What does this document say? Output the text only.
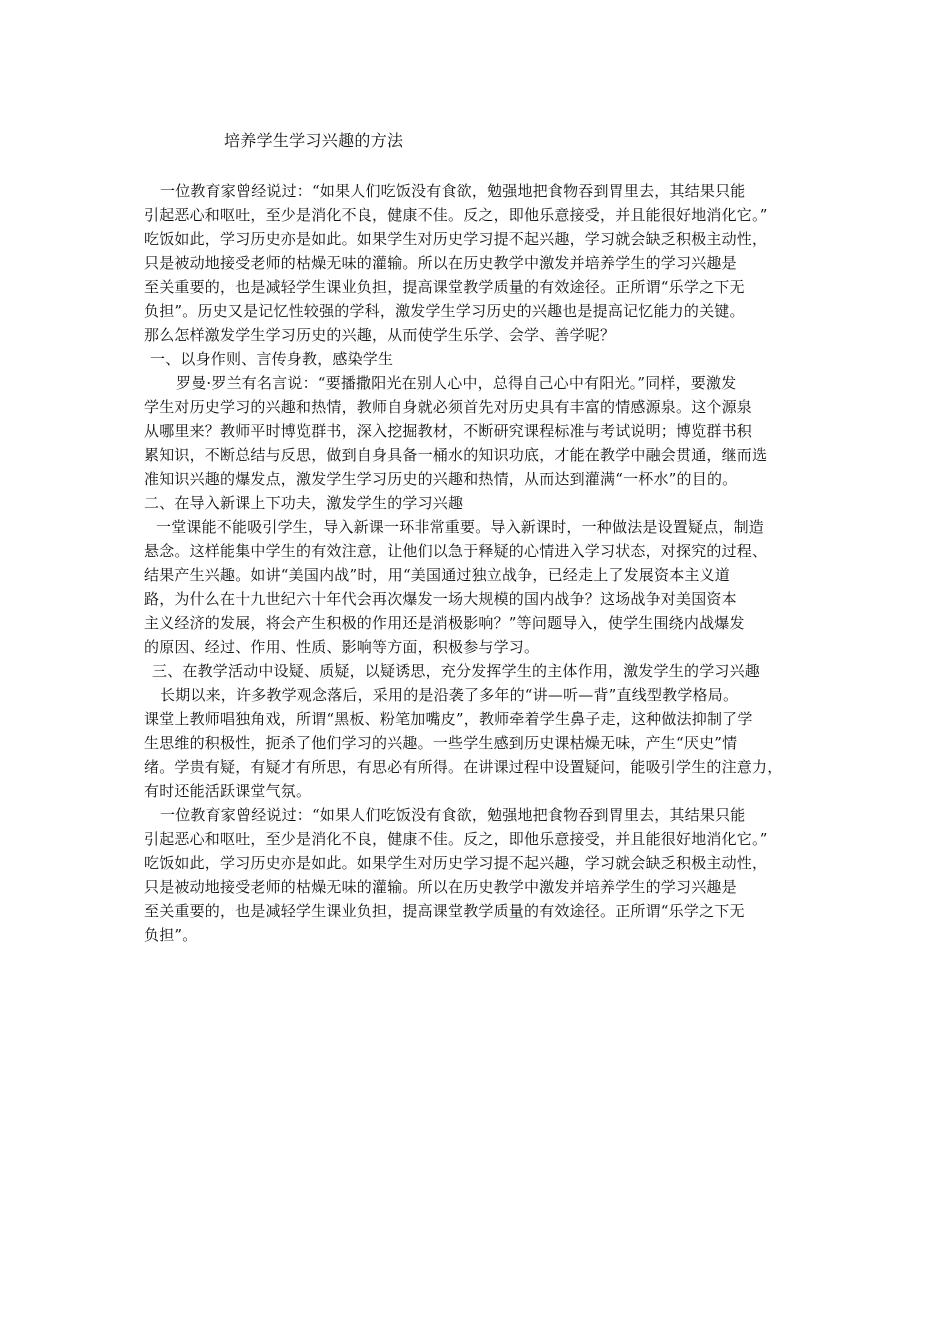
培养学生学习兴趣的方法
一位教育家曾经说过：“如果人们吃饭没有食欲，勉强地把食物吞到胃里去，其结果只能
引起恶心和呕吐，至少是消化不良，健康不佳。反之，即他乐意接受，并且能很好地消化它。”
吃饭如此，学习历史亦是如此。如果学生对历史学习提不起兴趣，学习就会缺乏积极主动性，
只是被动地接受老师的枯燥无味的灌输。所以在历史教学中激发并培养学生的学习兴趣是
至关重要的，也是减轻学生课业负担，提高课堂教学质量的有效途径。正所谓“乐学之下无
负担”。历史又是记忆性较强的学科，激发学生学习历史的兴趣也是提高记忆能力的关键。
那么怎样激发学生学习历史的兴趣，从而使学生乐学、会学、善学呢？
一、以身作则、言传身教，感染学生
罗曼·罗兰有名言说：“要播撒阳光在别人心中，总得自己心中有阳光。”同样，要激发
学生对历史学习的兴趣和热情，教师自身就必须首先对历史具有丰富的情感源泉。这个源泉
从哪里来？教师平时博览群书，深入挖掘教材，不断研究课程标准与考试说明；博览群书积
累知识，不断总结与反思，做到自身具备一桶水的知识功底，才能在教学中融会贯通，继而选
准知识兴趣的爆发点，激发学生学习历史的兴趣和热情，从而达到灌满“一杯水”的目的。
二、在导入新课上下功夫，激发学生的学习兴趣
一堂课能不能吸引学生，导入新课一环非常重要。导入新课时，一种做法是设置疑点，制造
悬念。这样能集中学生的有效注意，让他们以急于释疑的心情进入学习状态，对探究的过程、
结果产生兴趣。如讲“美国内战”时，用“美国通过独立战争，已经走上了发展资本主义道
路，为什么在十九世纪六十年代会再次爆发一场大规模的国内战争？这场战争对美国资本
主义经济的发展，将会产生积极的作用还是消极影响？”等问题导入，使学生围绕内战爆发
的原因、经过、作用、性质、影响等方面，积极参与学习。
三、在教学活动中设疑、质疑，以疑诱思，充分发挥学生的主体作用，激发学生的学习兴趣
长期以来，许多教学观念落后，采用的是沿袭了多年的“讲—听—背”直线型教学格局。
课堂上教师唱独角戏，所谓“黑板、粉笔加嘴皮”，教师牵着学生鼻子走，这种做法抑制了学
生思维的积极性，扼杀了他们学习的兴趣。一些学生感到历史课枯燥无味，产生“厌史”情
绪。学贵有疑，有疑才有所思，有思必有所得。在讲课过程中设置疑问，能吸引学生的注意力，
有时还能活跃课堂气氛。
一位教育家曾经说过：“如果人们吃饭没有食欲，勉强地把食物吞到胃里去，其结果只能
引起恶心和呕吐，至少是消化不良，健康不佳。反之，即他乐意接受，并且能很好地消化它。”
吃饭如此，学习历史亦是如此。如果学生对历史学习提不起兴趣，学习就会缺乏积极主动性，
只是被动地接受老师的枯燥无味的灌输。所以在历史教学中激发并培养学生的学习兴趣是
至关重要的，也是减轻学生课业负担，提高课堂教学质量的有效途径。正所谓“乐学之下无
负担”。
